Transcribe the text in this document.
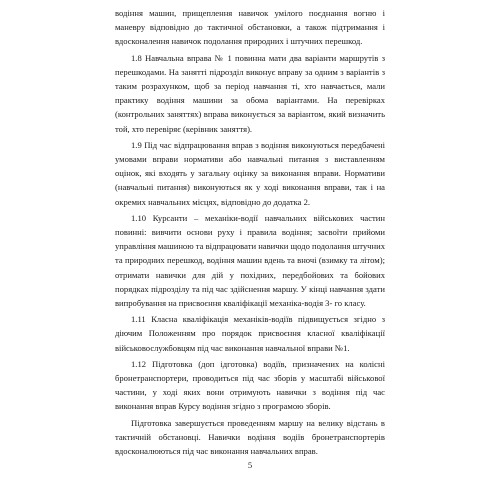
водіння машин, прищеплення навичок умілого поєднання вогню і маневру відповідно до тактичної обстановки, а також підтримання і вдосконалення навичок подолання природних і штучних перешкод.

1.8 Навчальна вправа № 1 повинна мати два варіанти маршрутів з перешкодами. На занятті підрозділ виконує вправу за одним з варіантів з таким розрахунком, щоб за період навчання ті, хто навчається, мали практику водіння машини за обома варіантами. На перевірках (контрольних заняттях) вправа виконується за варіантом, який визначить той, хто перевіряє (керівник заняття).

1.9 Під час відпрацювання вправ з водіння виконуються передбачені умовами вправи нормативи або навчальні питання з виставленням оцінок, які входять у загальну оцінку за виконання вправи. Нормативи (навчальні питання) виконуються як у ході виконання вправи, так і на окремих навчальних місцях, відповідно до додатка 2.

1.10 Курсанти – механіки-водії навчальних військових частин повинні: вивчити основи руху і правила водіння; засвоїти прийоми управління машиною та відпрацювати навички щодо подолання штучних та природних перешкод, водіння машин вдень та вночі (взимку та літом); отримати навички для дій у похідних, передбойових та бойових порядках підрозділу та під час здійснення маршу. У кінці навчання здати випробування на присвоєння кваліфікації механіка-водія 3- го класу.

1.11 Класна кваліфікація механіків-водіїв підвищується згідно з діючим Положенням про порядок присвоєння класної кваліфікації військовослужбовцям під час виконання навчальної вправи №1.

1.12 Підготовка (доп ідготовка) водіїв, призначених на колісні бронетранспортери, проводиться під час зборів у масштабі військової частини, у ході яких вони отримують навички з водіння під час виконання вправ Курсу водіння згідно з програмою зборів.

Підготовка завершується проведенням маршу на велику відстань в тактичній обстановці. Навички водіння водіїв бронетранспортерів вдосконалюються під час виконання навчальних вправ.

5
